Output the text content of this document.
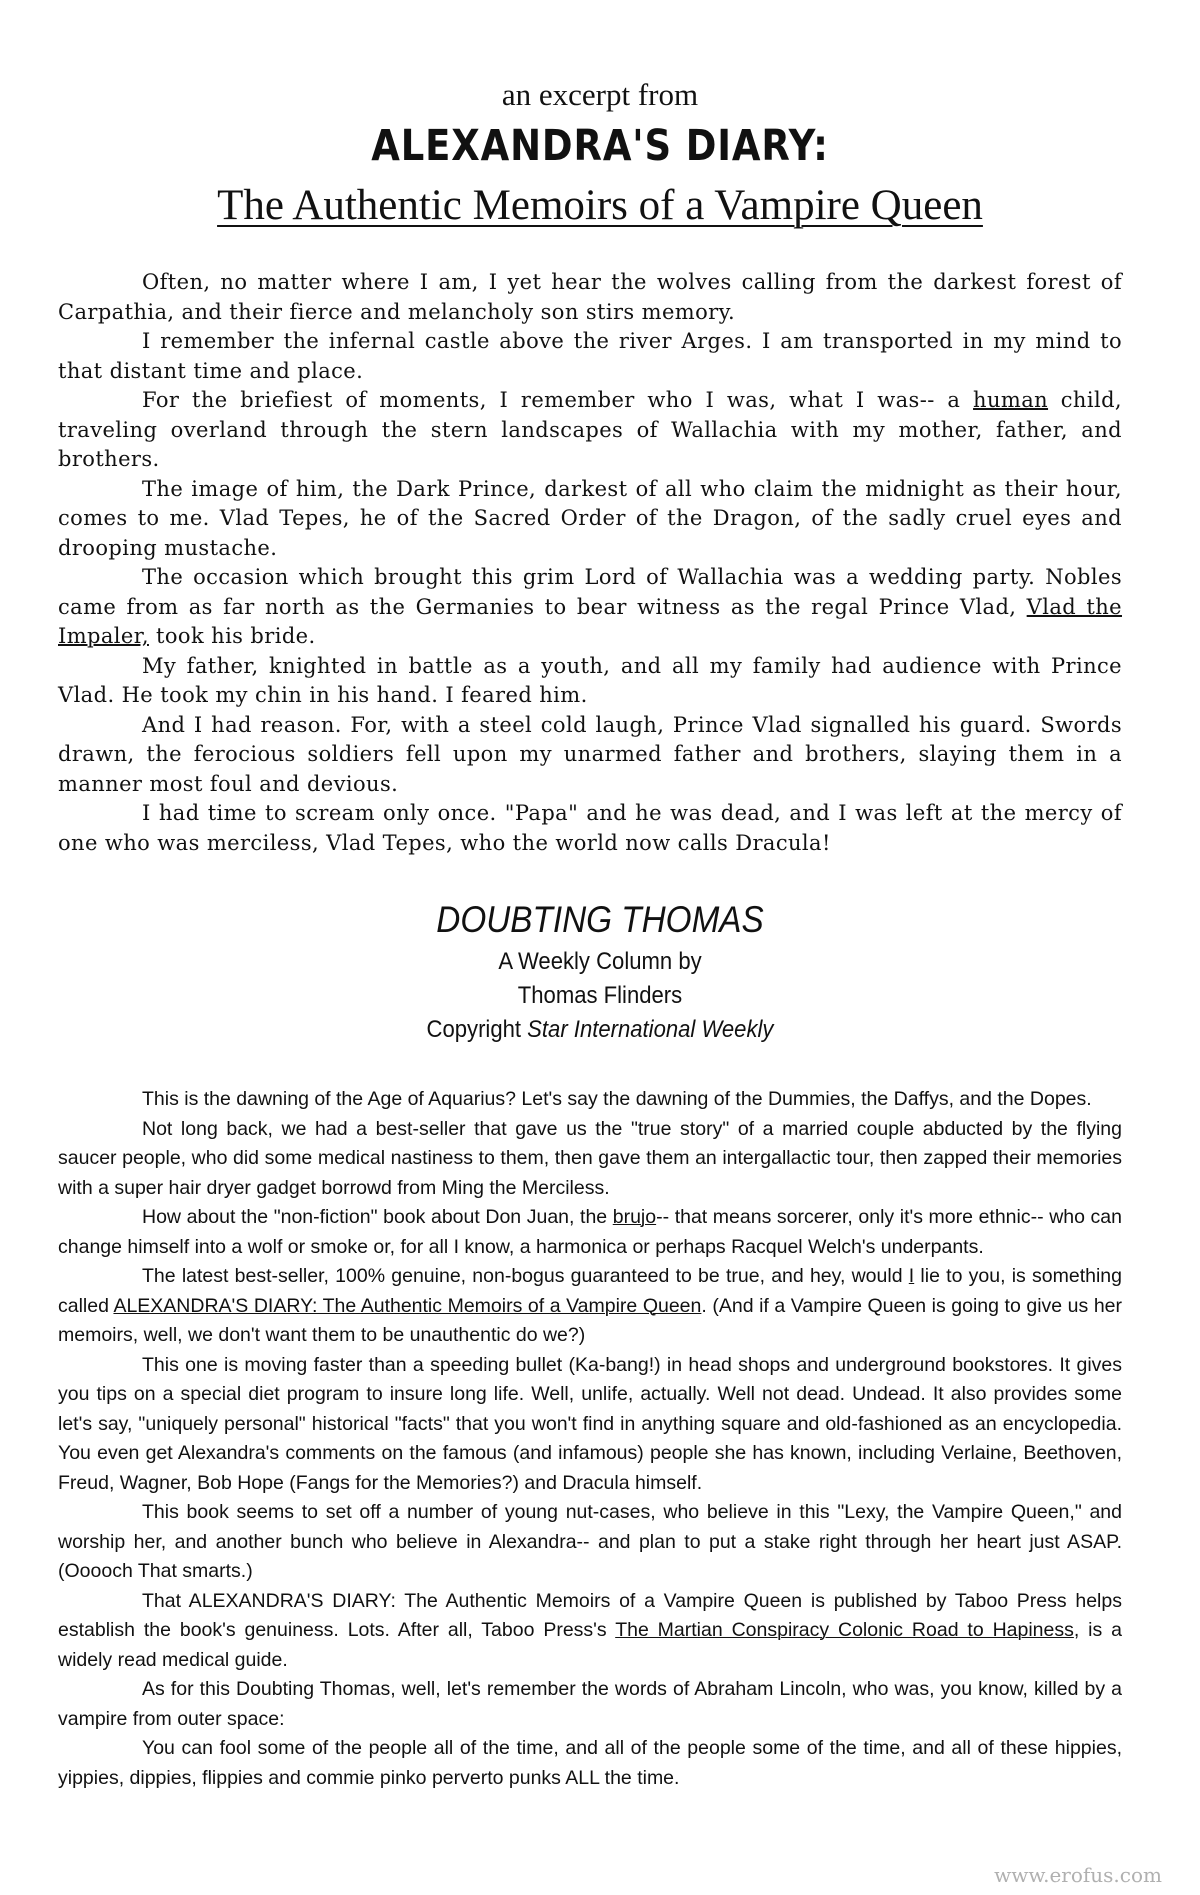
an excerpt from

ALEXANDRA'S DIARY:

The Authentic Memoirs of a Vampire Queen

Often, no matter where I am, I yet hear the wolves calling from the darkest forest of Carpathia, and their fierce and melancholy son stirs memory.

I remember the infernal castle above the river Arges. I am transported in my mind to that distant time and place.

For the briefiest of moments, I remember who I was, what I was-- a human child, traveling overland through the stern landscapes of Wallachia with my mother, father, and brothers.

The image of him, the Dark Prince, darkest of all who claim the midnight as their hour, comes to me. Vlad Tepes, he of the Sacred Order of the Dragon, of the sadly cruel eyes and drooping mustache.

The occasion which brought this grim Lord of Wallachia was a wedding party. Nobles came from as far north as the Germanies to bear witness as the regal Prince Vlad, Vlad the Impaler, took his bride.

My father, knighted in battle as a youth, and all my family had audience with Prince Vlad. He took my chin in his hand. I feared him.

And I had reason. For, with a steel cold laugh, Prince Vlad signalled his guard. Swords drawn, the ferocious soldiers fell upon my unarmed father and brothers, slaying them in a manner most foul and devious.

I had time to scream only once. "Papa" and he was dead, and I was left at the mercy of one who was merciless, Vlad Tepes, who the world now calls Dracula!

DOUBTING THOMAS

A Weekly Column by

Thomas Flinders

Copyright Star International Weekly

This is the dawning of the Age of Aquarius? Let's say the dawning of the Dummies, the Daffys, and the Dopes.

Not long back, we had a best-seller that gave us the "true story" of a married couple abducted by the flying saucer people, who did some medical nastiness to them, then gave them an intergallactic tour, then zapped their memories with a super hair dryer gadget borrowd from Ming the Merciless.

How about the "non-fiction" book about Don Juan, the brujo-- that means sorcerer, only it's more ethnic-- who can change himself into a wolf or smoke or, for all I know, a harmonica or perhaps Racquel Welch's underpants.

The latest best-seller, 100% genuine, non-bogus guaranteed to be true, and hey, would I lie to you, is something called ALEXANDRA'S DIARY: The Authentic Memoirs of a Vampire Queen. (And if a Vampire Queen is going to give us her memoirs, well, we don't want them to be unauthentic do we?)

This one is moving faster than a speeding bullet (Ka-bang!) in head shops and underground bookstores. It gives you tips on a special diet program to insure long life. Well, unlife, actually. Well not dead. Undead. It also provides some let's say, "uniquely personal" historical "facts" that you won't find in anything square and old-fashioned as an encyclopedia. You even get Alexandra's comments on the famous (and infamous) people she has known, including Verlaine, Beethoven, Freud, Wagner, Bob Hope (Fangs for the Memories?) and Dracula himself.

This book seems to set off a number of young nut-cases, who believe in this "Lexy, the Vampire Queen," and worship her, and another bunch who believe in Alexandra-- and plan to put a stake right through her heart just ASAP. (Ooooch That smarts.)

That ALEXANDRA'S DIARY: The Authentic Memoirs of a Vampire Queen is published by Taboo Press helps establish the book's genuiness. Lots. After all, Taboo Press's The Martian Conspiracy Colonic Road to Hapiness, is a widely read medical guide.

As for this Doubting Thomas, well, let's remember the words of Abraham Lincoln, who was, you know, killed by a vampire from outer space:

You can fool some of the people all of the time, and all of the people some of the time, and all of these hippies, yippies, dippies, flippies and commie pinko perverto punks ALL the time.

www.erofus.com
